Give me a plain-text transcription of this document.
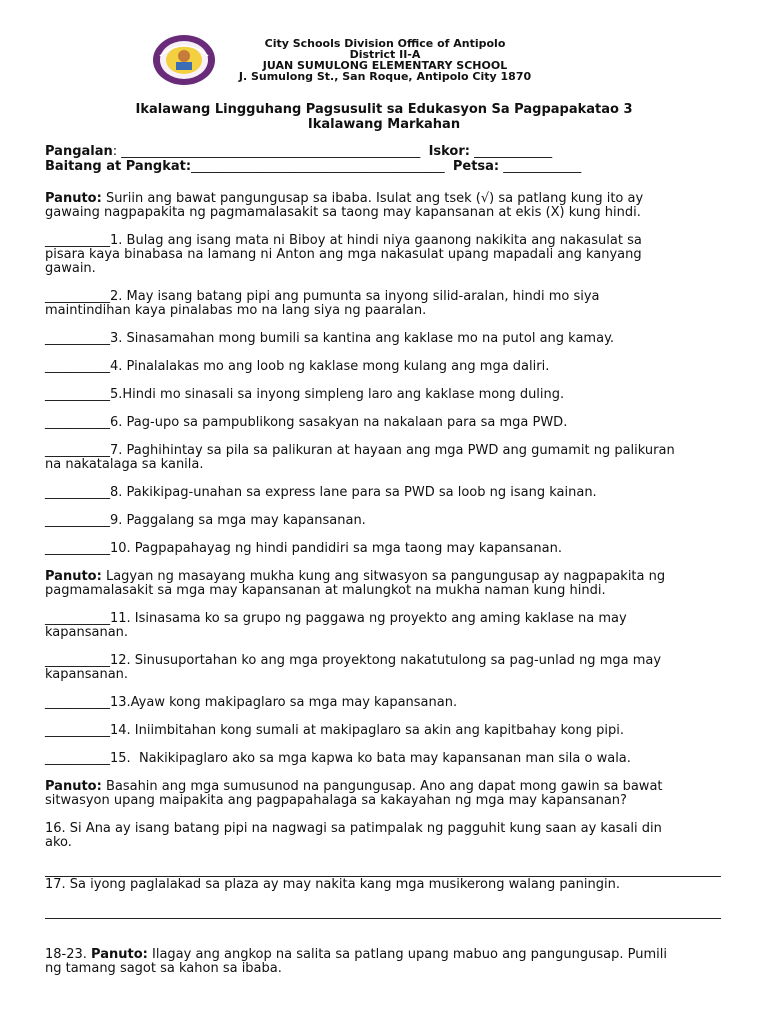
City Schools Division Office of Antipolo
District II-A
JUAN SUMULONG ELEMENTARY SCHOOL
J. Sumulong St., San Roque, Antipolo City 1870
Ikalawang Lingguhang Pagsusulit sa Edukasyon Sa Pagpapakatao 3
Ikalawang Markahan
Pangalan: ______________________________________________ Iskor: ____________
Baitang at Pangkat:_______________________________________ Petsa: ____________
Panuto: Suriin ang bawat pangungusap sa ibaba. Isulat ang tsek (√) sa patlang kung ito ay
gawaing nagpapakita ng pagmamalasakit sa taong may kapansanan at ekis (X) kung hindi.
__________1. Bulag ang isang mata ni Biboy at hindi niya gaanong nakikita ang nakasulat sa
pisara kaya binabasa na lamang ni Anton ang mga nakasulat upang mapadali ang kanyang
gawain.
__________2. May isang batang pipi ang pumunta sa inyong silid-aralan, hindi mo siya
maintindihan kaya pinalabas mo na lang siya ng paaralan.
__________3. Sinasamahan mong bumili sa kantina ang kaklase mo na putol ang kamay.
__________4. Pinalalakas mo ang loob ng kaklase mong kulang ang mga daliri.
__________5.Hindi mo sinasali sa inyong simpleng laro ang kaklase mong duling.
__________6. Pag-upo sa pampublikong sasakyan na nakalaan para sa mga PWD.
__________7. Paghihintay sa pila sa palikuran at hayaan ang mga PWD ang gumamit ng palikuran
na nakatalaga sa kanila.
__________8. Pakikipag-unahan sa express lane para sa PWD sa loob ng isang kainan.
__________9. Paggalang sa mga may kapansanan.
__________10. Pagpapahayag ng hindi pandidiri sa mga taong may kapansanan.
Panuto: Lagyan ng masayang mukha kung ang sitwasyon sa pangungusap ay nagpapakita ng
pagmamalasakit sa mga may kapansanan at malungkot na mukha naman kung hindi.
__________11. Isinasama ko sa grupo ng paggawa ng proyekto ang aming kaklase na may
kapansanan.
__________12. Sinusuportahan ko ang mga proyektong nakatutulong sa pag-unlad ng mga may
kapansanan.
__________13.Ayaw kong makipaglaro sa mga may kapansanan.
__________14. Iniimbitahan kong sumali at makipaglaro sa akin ang kapitbahay kong pipi.
__________15.  Nakikipaglaro ako sa mga kapwa ko bata may kapansanan man sila o wala.
Panuto: Basahin ang mga sumusunod na pangungusap. Ano ang dapat mong gawin sa bawat
sitwasyon upang maipakita ang pagpapahalaga sa kakayahan ng mga may kapansanan?
16. Si Ana ay isang batang pipi na nagwagi sa patimpalak ng pagguhit kung saan ay kasali din
ako.
17. Sa iyong paglalakad sa plaza ay may nakita kang mga musikerong walang paningin.
18-23. Panuto: Ilagay ang angkop na salita sa patlang upang mabuo ang pangungusap. Pumili
ng tamang sagot sa kahon sa ibaba.
